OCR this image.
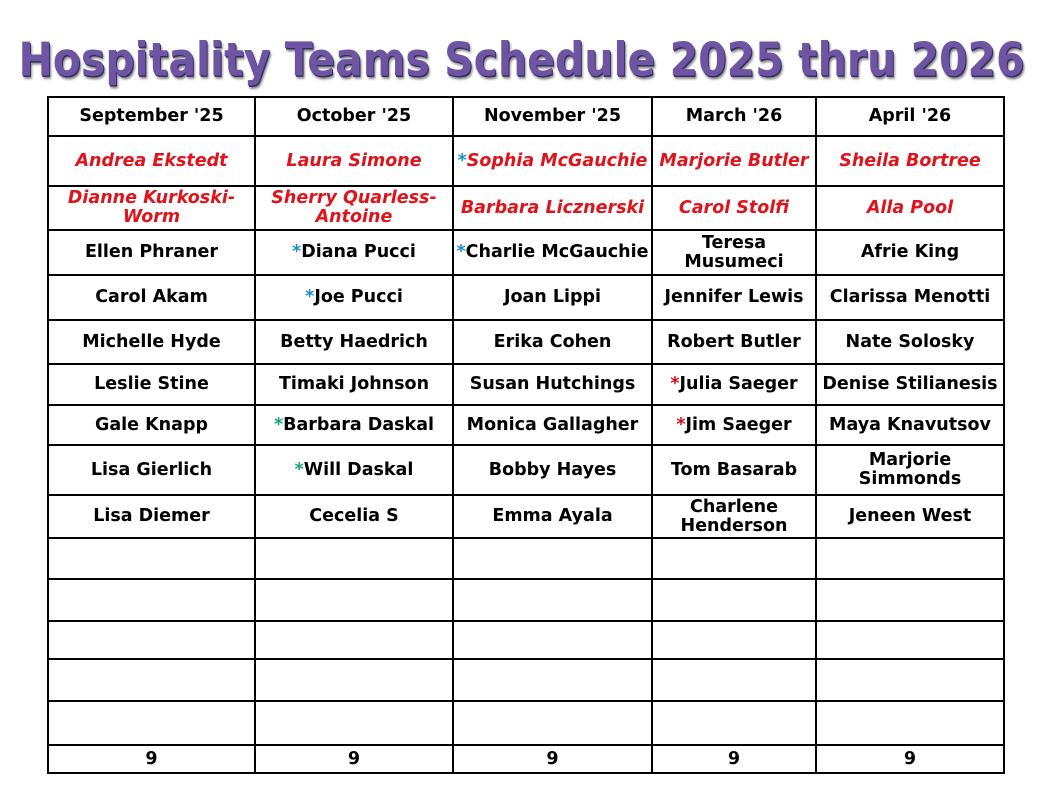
Hospitality Teams Schedule 2025 thru 2026
September '25	October '25	November '25	March '26	April '26
Andrea Ekstedt	Laura Simone	*Sophia McGauchie	Marjorie Butler	Sheila Bortree
Dianne Kurkoski-Worm	Sherry Quarless-Antoine	Barbara Licznerski	Carol Stolfi	Alla Pool
Ellen Phraner	*Diana Pucci	*Charlie McGauchie	Teresa Musumeci	Afrie King
Carol Akam	*Joe Pucci	Joan Lippi	Jennifer Lewis	Clarissa Menotti
Michelle Hyde	Betty Haedrich	Erika Cohen	Robert Butler	Nate Solosky
Leslie Stine	Timaki Johnson	Susan Hutchings	*Julia Saeger	Denise Stilianesis
Gale Knapp	*Barbara Daskal	Monica Gallagher	*Jim Saeger	Maya Knavutsov
Lisa Gierlich	*Will Daskal	Bobby Hayes	Tom Basarab	Marjorie Simmonds
Lisa Diemer	Cecelia S	Emma Ayala	Charlene Henderson	Jeneen West

9	9	9	9	9
